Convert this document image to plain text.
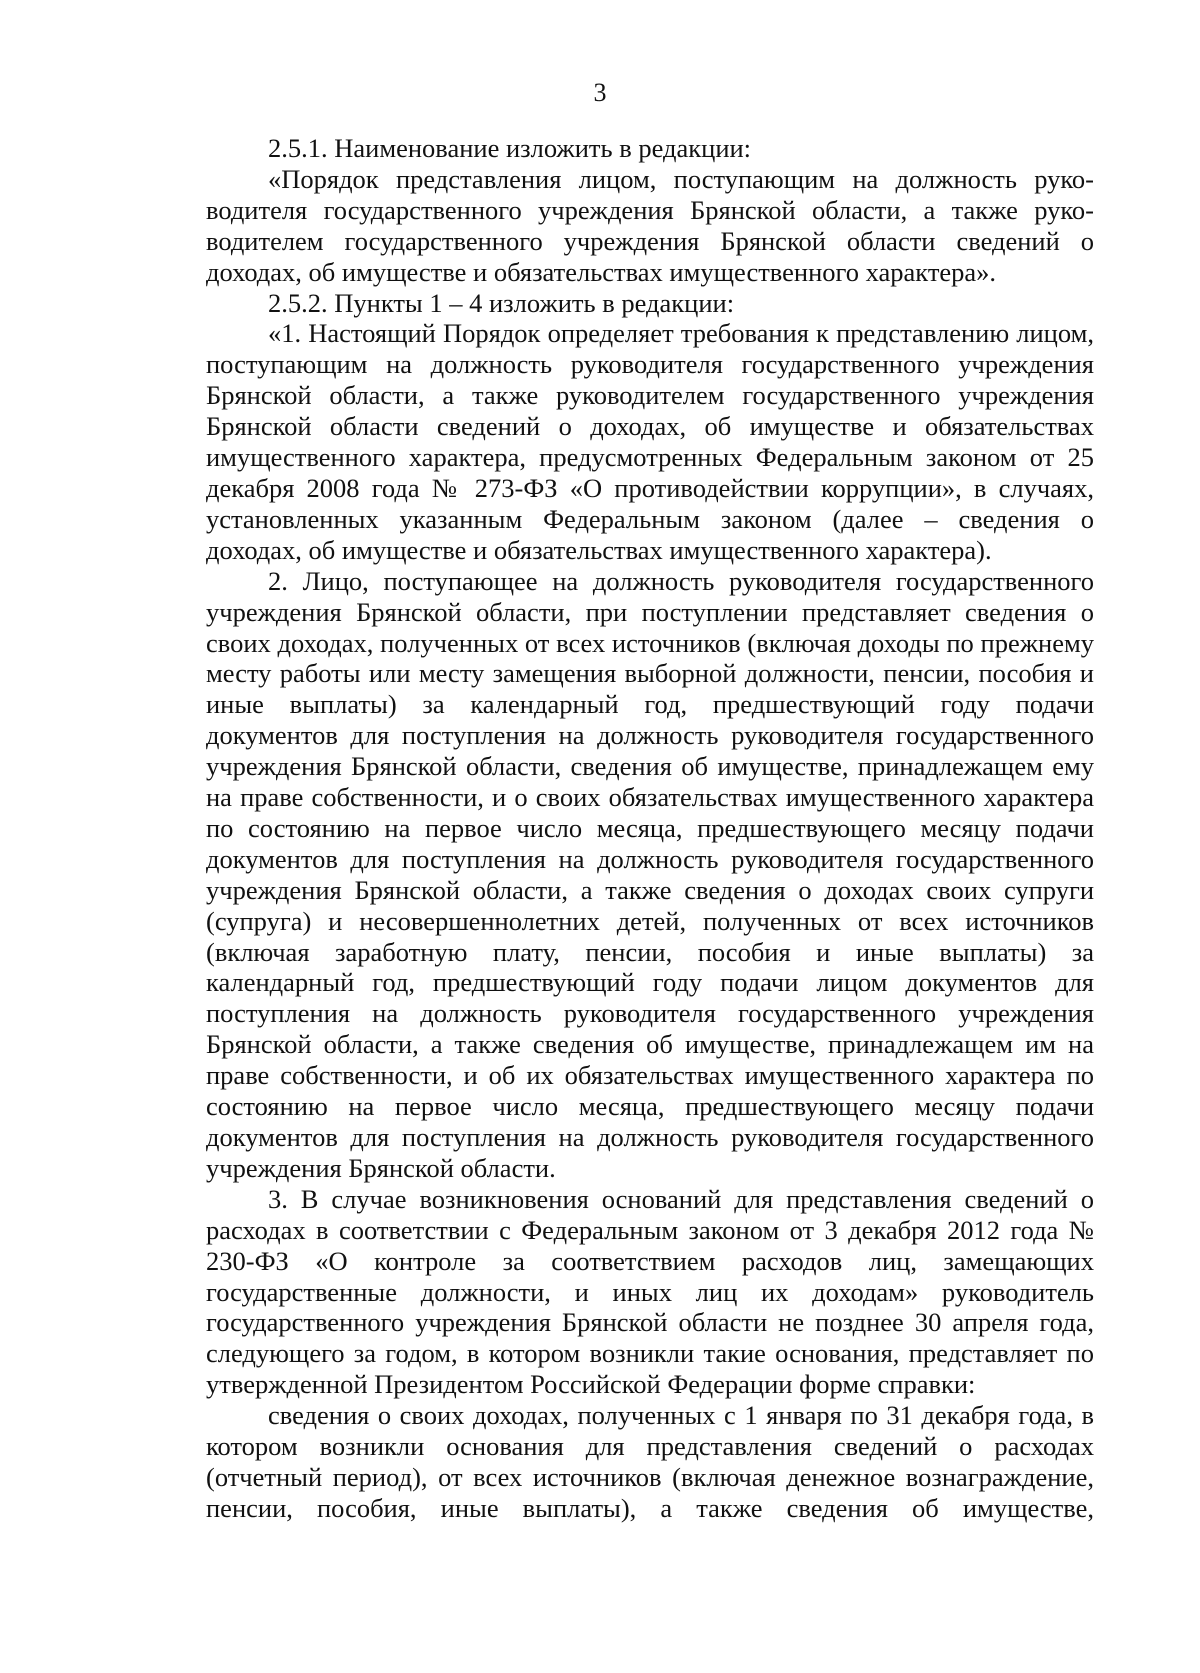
3

2.5.1. Наименование изложить в редакции:

«Порядок представления лицом, поступающим на должность руководителя государственного учреждения Брянской области, а также руководителем государственного учреждения Брянской области сведений о доходах, об имуществе и обязательствах имущественного характера».

2.5.2. Пункты 1 – 4 изложить в редакции:

«1. Настоящий Порядок определяет требования к представлению лицом, поступающим на должность руководителя государственного учреждения Брянской области, а также руководителем государственного учреждения Брянской области сведений о доходах, об имуществе и обязательствах имущественного характера, предусмотренных Федеральным законом от 25 декабря 2008 года № 273-ФЗ «О противодействии коррупции», в случаях, установленных указанным Федеральным законом (далее – сведения о доходах, об имуществе и обязательствах имущественного характера).

2. Лицо, поступающее на должность руководителя государственного учреждения Брянской области, при поступлении представляет сведения о своих доходах, полученных от всех источников (включая доходы по прежнему месту работы или месту замещения выборной должности, пенсии, пособия и иные выплаты) за календарный год, предшествующий году подачи документов для поступления на должность руководителя государственного учреждения Брянской области, сведения об имуществе, принадлежащем ему на праве собственности, и о своих обязательствах имущественного характера по состоянию на первое число месяца, предшествующего месяцу подачи документов для поступления на должность руководителя государственного учреждения Брянской области, а также сведения о доходах своих супруги (супруга) и несовершеннолетних детей, полученных от всех источников (включая заработную плату, пенсии, пособия и иные выплаты) за календарный год, предшествующий году подачи лицом документов для поступления на должность руководителя государственного учреждения Брянской области, а также сведения об имуществе, принадлежащем им на праве собственности, и об их обязательствах имущественного характера по состоянию на первое число месяца, предшествующего месяцу подачи документов для поступления на должность руководителя государственного учреждения Брянской области.

3. В случае возникновения оснований для представления сведений о расходах в соответствии с Федеральным законом от 3 декабря 2012 года № 230-ФЗ «О контроле за соответствием расходов лиц, замещающих государственные должности, и иных лиц их доходам» руководитель государственного учреждения Брянской области не позднее 30 апреля года, следующего за годом, в котором возникли такие основания, представляет по утвержденной Президентом Российской Федерации форме справки:

сведения о своих доходах, полученных с 1 января по 31 декабря года, в котором возникли основания для представления сведений о расходах (отчетный период), от всех источников (включая денежное вознаграждение, пенсии, пособия, иные выплаты), а также сведения об имуществе,
